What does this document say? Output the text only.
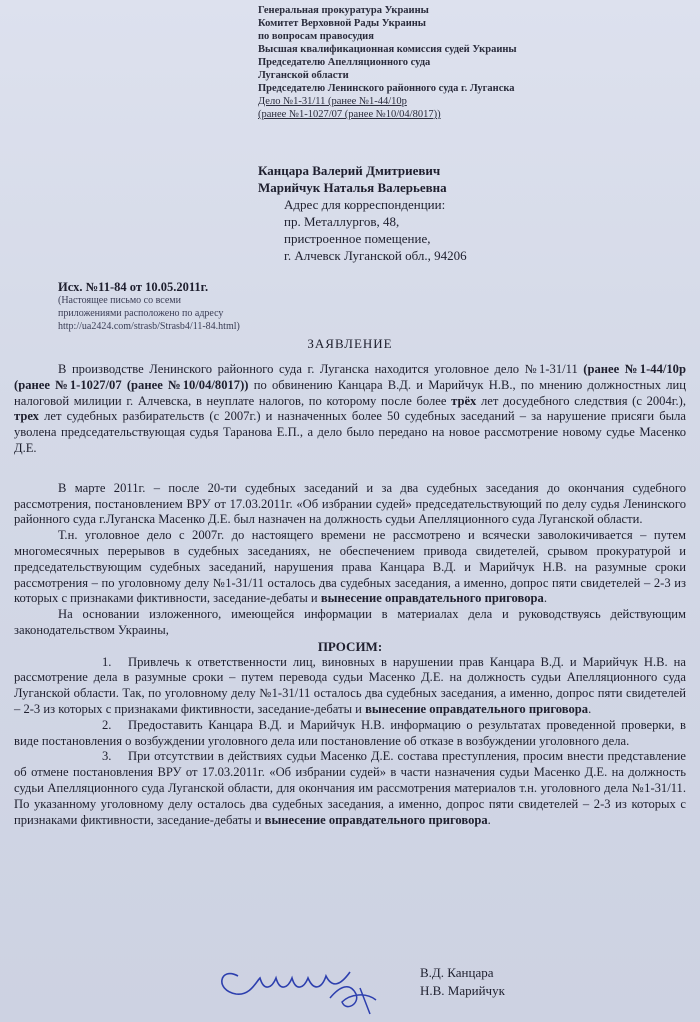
Генеральная прокуратура Украины
Комитет Верховной Рады Украины
по вопросам правосудия
Высшая квалификационная комиссия судей Украины
Председателю Апелляционного суда
Луганской области
Председателю Ленинского районного суда г. Луганска
Дело №1-31/11 (ранее №1-44/10р
(ранее №1-1027/07 (ранее №10/04/8017))
Канцара Валерий Дмитриевич
Марийчук Наталья Валерьевна
Адрес для корреспонденции:
пр. Металлургов, 48,
пристроенное помещение,
г. Алчевск Луганской обл., 94206
Исх. №11-84 от 10.05.2011г.
(Настоящее письмо со всеми
приложениями расположено по адресу
http://ua2424.com/strasb/Strasb4/11-84.html)
ЗАЯВЛЕНИЕ

В производстве Ленинского районного суда г. Луганска находится уголовное дело №1-31/11 (ранее №1-44/10р (ранее №1-1027/07 (ранее №10/04/8017)) по обвинению Канцара В.Д. и Марийчук Н.В., по мнению должностных лиц налоговой милиции г. Алчевска, в неуплате налогов, по которому после более трёх лет досудебного следствия (с 2004г.), трех лет судебных разбирательств (с 2007г.) и назначенных более 50 судебных заседаний – за нарушение присяги была уволена председательствующая судья Таранова Е.П., а дело было передано на новое рассмотрение новому судье Масенко Д.Е.

В марте 2011г. – после 20-ти судебных заседаний и за два судебных заседания до окончания судебного рассмотрения, постановлением ВРУ от 17.03.2011г. «Об избрании судей» председательствующий по делу судья Ленинского районного суда г.Луганска Масенко Д.Е. был назначен на должность судьи Апелляционного суда Луганской области.

Т.н. уголовное дело с 2007г. до настоящего времени не рассмотрено и всячески заволокичивается – путем многомесячных перерывов в судебных заседаниях, не обеспечением привода свидетелей, срывом прокуратурой и председательствующим судебных заседаний, нарушения права Канцара В.Д. и Марийчук Н.В. на разумные сроки рассмотрения – по уголовному делу №1-31/11 осталось два судебных заседания, а именно, допрос пяти свидетелей – 2-3 из которых с признаками фиктивности, заседание-дебаты и вынесение оправдательного приговора.

На основании изложенного, имеющейся информации в материалах дела и руководствуясь действующим законодательством Украины,

ПРОСИМ:

1. Привлечь к ответственности лиц, виновных в нарушении прав Канцара В.Д. и Марийчук Н.В. на рассмотрение дела в разумные сроки – путем перевода судьи Масенко Д.Е. на должность судьи Апелляционного суда Луганской области. Так, по уголовному делу №1-31/11 осталось два судебных заседания, а именно, допрос пяти свидетелей – 2-3 из которых с признаками фиктивности, заседание-дебаты и вынесение оправдательного приговора.

2. Предоставить Канцара В.Д. и Марийчук Н.В. информацию о результатах проведенной проверки, в виде постановления о возбуждении уголовного дела или постановление об отказе в возбуждении уголовного дела.

3. При отсутствии в действиях судьи Масенко Д.Е. состава преступления, просим внести представление об отмене постановления ВРУ от 17.03.2011г. «Об избрании судей» в части назначения судьи Масенко Д.Е. на должность судьи Апелляционного суда Луганской области, для окончания им рассмотрения материалов т.н. уголовного дела №1-31/11. По указанному уголовному делу осталось два судебных заседания, а именно, допрос пяти свидетелей – 2-3 из которых с признаками фиктивности, заседание-дебаты и вынесение оправдательного приговора.

В.Д. Канцара
Н.В. Марийчук
